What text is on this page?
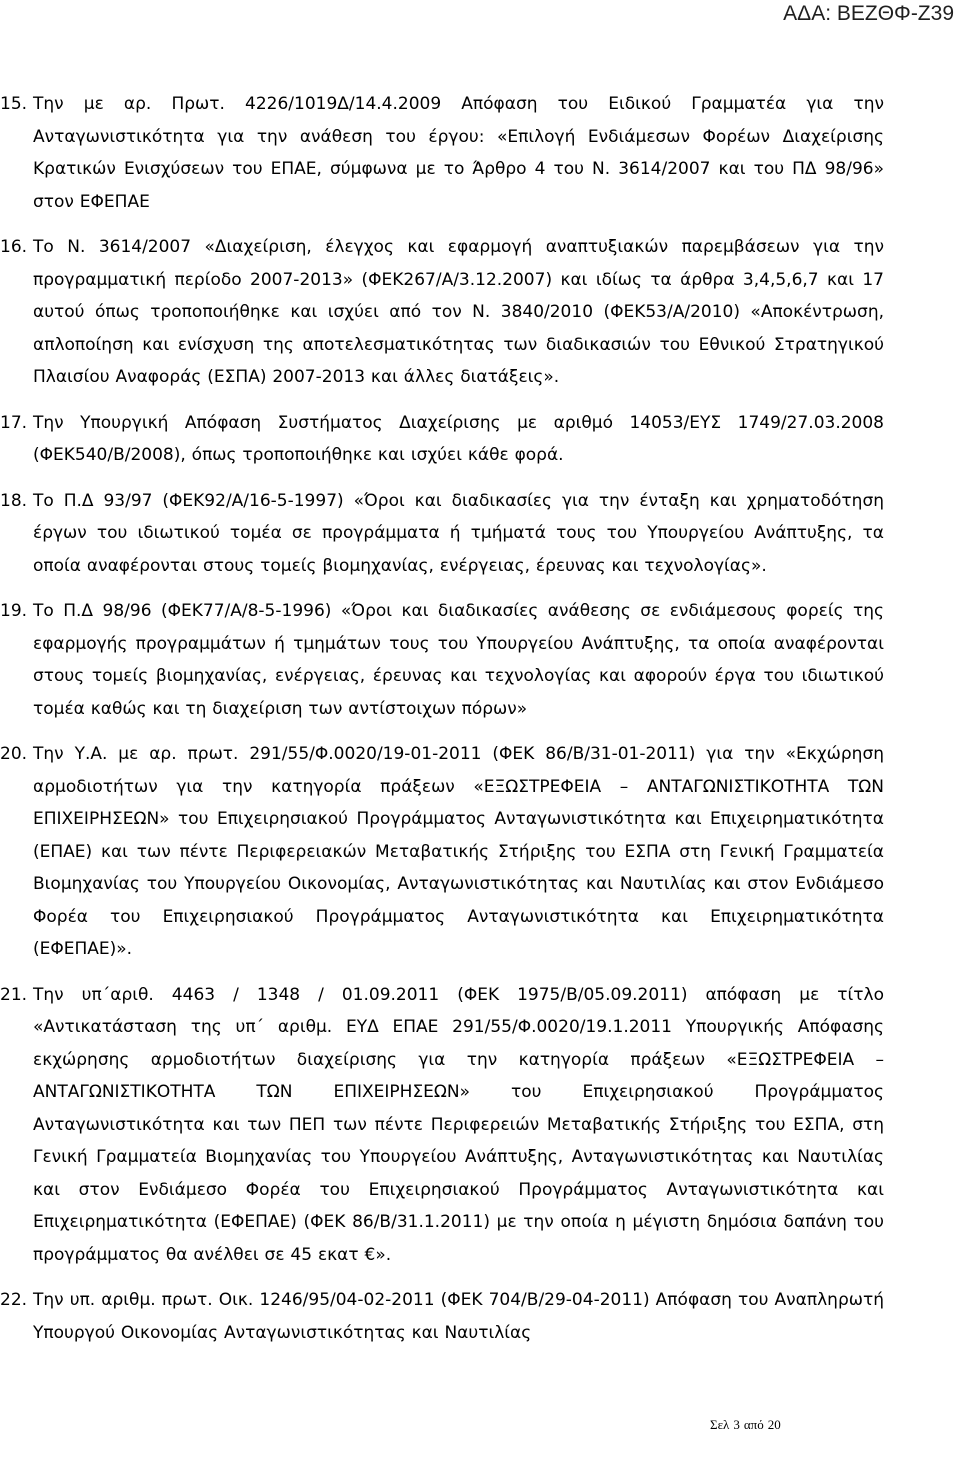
ΑΔΑ: ΒΕΖΘΦ-Ζ39
15. Την με αρ. Πρωτ. 4226/1019Δ/14.4.2009 Απόφαση του Ειδικού Γραμματέα για την Ανταγωνιστικότητα για την ανάθεση του έργου: «Επιλογή Ενδιάμεσων Φορέων Διαχείρισης Κρατικών Ενισχύσεων του ΕΠΑΕ, σύμφωνα με το Άρθρο 4 του Ν. 3614/2007 και του ΠΔ 98/96» στον ΕΦΕΠΑΕ
16. Το Ν. 3614/2007 «Διαχείριση, έλεγχος και εφαρμογή αναπτυξιακών παρεμβάσεων για την προγραμματική περίοδο 2007-2013» (ΦΕΚ267/Α/3.12.2007) και ιδίως τα άρθρα 3,4,5,6,7 και 17 αυτού όπως τροποποιήθηκε και ισχύει από τον Ν. 3840/2010 (ΦΕΚ53/Α/2010) «Αποκέντρωση, απλοποίηση και ενίσχυση της αποτελεσματικότητας των διαδικασιών του Εθνικού Στρατηγικού Πλαισίου Αναφοράς (ΕΣΠΑ) 2007-2013 και άλλες διατάξεις».
17. Την Υπουργική Απόφαση Συστήματος Διαχείρισης με αριθμό 14053/ΕΥΣ 1749/27.03.2008 (ΦΕΚ540/Β/2008), όπως τροποποιήθηκε και ισχύει κάθε φορά.
18. Το Π.Δ 93/97 (ΦΕΚ92/Α/16-5-1997) «Όροι και διαδικασίες για την ένταξη και χρηματοδότηση έργων του ιδιωτικού τομέα σε προγράμματα ή τμήματά τους του Υπουργείου Ανάπτυξης, τα οποία αναφέρονται στους τομείς βιομηχανίας, ενέργειας, έρευνας και τεχνολογίας».
19. Το Π.Δ 98/96 (ΦΕΚ77/Α/8-5-1996) «Όροι και διαδικασίες ανάθεσης σε ενδιάμεσους φορείς της εφαρμογής προγραμμάτων ή τμημάτων τους του Υπουργείου Ανάπτυξης, τα οποία αναφέρονται στους τομείς βιομηχανίας, ενέργειας, έρευνας και τεχνολογίας και αφορούν έργα του ιδιωτικού τομέα καθώς και τη διαχείριση των αντίστοιχων πόρων»
20. Την Υ.Α. με αρ. πρωτ. 291/55/Φ.0020/19-01-2011 (ΦΕΚ 86/Β/31-01-2011) για την «Εκχώρηση αρμοδιοτήτων για την κατηγορία πράξεων «ΕΞΩΣΤΡΕΦΕΙΑ – ΑΝΤΑΓΩΝΙΣΤΙΚΟΤΗΤΑ ΤΩΝ ΕΠΙΧΕΙΡΗΣΕΩΝ» του Επιχειρησιακού Προγράμματος Ανταγωνιστικότητα και Επιχειρηματικότητα (ΕΠΑΕ) και των πέντε Περιφερειακών Μεταβατικής Στήριξης του ΕΣΠΑ στη Γενική Γραμματεία Βιομηχανίας του Υπουργείου Οικονομίας, Ανταγωνιστικότητας και Ναυτιλίας και στον Ενδιάμεσο Φορέα του Επιχειρησιακού Προγράμματος Ανταγωνιστικότητα και Επιχειρηματικότητα (ΕΦΕΠΑΕ)».
21. Την υπ΄αριθ. 4463 / 1348 / 01.09.2011 (ΦΕΚ 1975/Β/05.09.2011) απόφαση με τίτλο «Αντικατάσταση της υπ΄ αριθμ. ΕΥΔ ΕΠΑΕ 291/55/Φ.0020/19.1.2011 Υπουργικής Απόφασης εκχώρησης αρμοδιοτήτων διαχείρισης για την κατηγορία πράξεων «ΕΞΩΣΤΡΕΦΕΙΑ – ΑΝΤΑΓΩΝΙΣΤΙΚΟΤΗΤΑ ΤΩΝ ΕΠΙΧΕΙΡΗΣΕΩΝ» του Επιχειρησιακού Προγράμματος Ανταγωνιστικότητα και των ΠΕΠ των πέντε Περιφερειών Μεταβατικής Στήριξης του ΕΣΠΑ, στη Γενική Γραμματεία Βιομηχανίας του Υπουργείου Ανάπτυξης, Ανταγωνιστικότητας και Ναυτιλίας και στον Ενδιάμεσο Φορέα του Επιχειρησιακού Προγράμματος Ανταγωνιστικότητα και Επιχειρηματικότητα (ΕΦΕΠΑΕ) (ΦΕΚ 86/Β/31.1.2011) με την οποία η μέγιστη δημόσια δαπάνη του προγράμματος θα ανέλθει σε 45 εκατ €».
22. Την υπ. αριθμ. πρωτ. Οικ. 1246/95/04-02-2011 (ΦΕΚ 704/Β/29-04-2011) Απόφαση του Αναπληρωτή Υπουργού Οικονομίας Ανταγωνιστικότητας και Ναυτιλίας
Σελ 3 από 20
